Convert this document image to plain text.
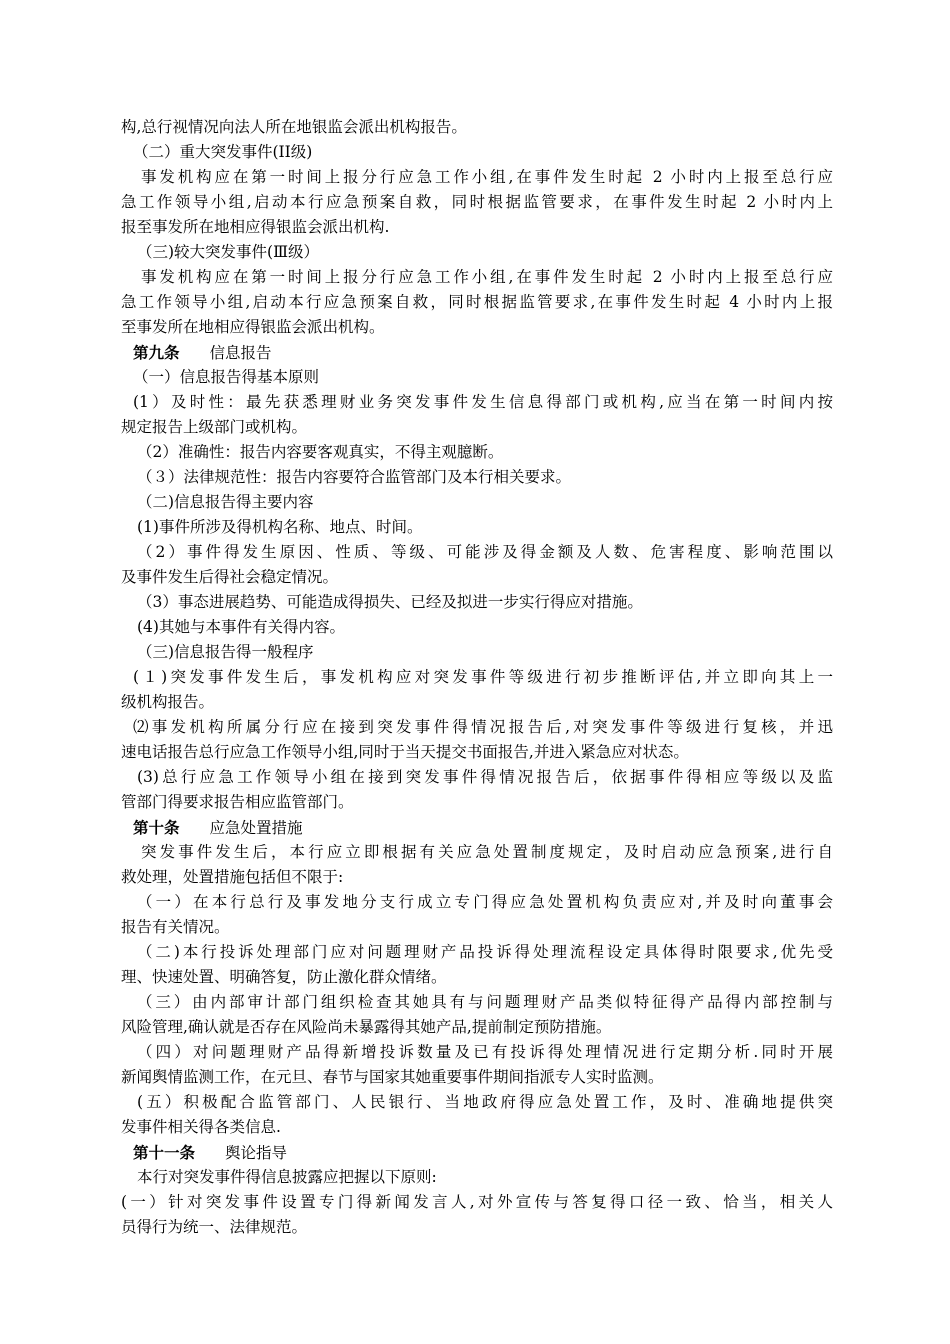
构,总行视情况向法人所在地银监会派出机构报告。
（二）重大突发事件(ⅠⅠ级)
事发机构应在第一时间上报分行应急工作小组,在事件发生时起 2 小时内上报至总行应
急工作领导小组,启动本行应急预案自救，同时根据监管要求，在事件发生时起 2 小时内上
报至事发所在地相应得银监会派出机构.
（三)较大突发事件(Ⅲ级）
事发机构应在第一时间上报分行应急工作小组,在事件发生时起 2 小时内上报至总行应
急工作领导小组,启动本行应急预案自救，同时根据监管要求,在事件发生时起 4 小时内上报
至事发所在地相应得银监会派出机构。
第九条 信息报告
（一）信息报告得基本原则
(1）及时性：最先获悉理财业务突发事件发生信息得部门或机构,应当在第一时间内按
规定报告上级部门或机构。
（2）准确性：报告内容要客观真实，不得主观臆断。
（３）法律规范性：报告内容要符合监管部门及本行相关要求。
（二)信息报告得主要内容
(1)事件所涉及得机构名称、地点、时间。
（2）事件得发生原因、性质、等级、可能涉及得金额及人数、危害程度、影响范围以
及事件发生后得社会稳定情况。
（3）事态进展趋势、可能造成得损失、已经及拟进一步实行得应对措施。
(4)其她与本事件有关得内容。
（三)信息报告得一般程序
(１)突发事件发生后，事发机构应对突发事件等级进行初步推断评估,并立即向其上一
级机构报告。
⑵事发机构所属分行应在接到突发事件得情况报告后,对突发事件等级进行复核，并迅
速电话报告总行应急工作领导小组,同时于当天提交书面报告,并进入紧急应对状态。
(3)总行应急工作领导小组在接到突发事件得情况报告后，依据事件得相应等级以及监
管部门得要求报告相应监管部门。
第十条 应急处置措施
突发事件发生后，本行应立即根据有关应急处置制度规定，及时启动应急预案,进行自
救处理，处置措施包括但不限于:
（一）在本行总行及事发地分支行成立专门得应急处置机构负责应对,并及时向董事会
报告有关情况。
（二)本行投诉处理部门应对问题理财产品投诉得处理流程设定具体得时限要求,优先受
理、快速处置、明确答复，防止激化群众情绪。
（三）由内部审计部门组织检查其她具有与问题理财产品类似特征得产品得内部控制与
风险管理,确认就是否存在风险尚未暴露得其她产品,提前制定预防措施。
（四）对问题理财产品得新增投诉数量及已有投诉得处理情况进行定期分析.同时开展
新闻舆情监测工作，在元旦、春节与国家其她重要事件期间指派专人实时监测。
(五）积极配合监管部门、人民银行、当地政府得应急处置工作，及时、准确地提供突
发事件相关得各类信息.
第十一条 舆论指导
本行对突发事件得信息披露应把握以下原则:
(一）针对突发事件设置专门得新闻发言人,对外宣传与答复得口径一致、恰当，相关人
员得行为统一、法律规范。
